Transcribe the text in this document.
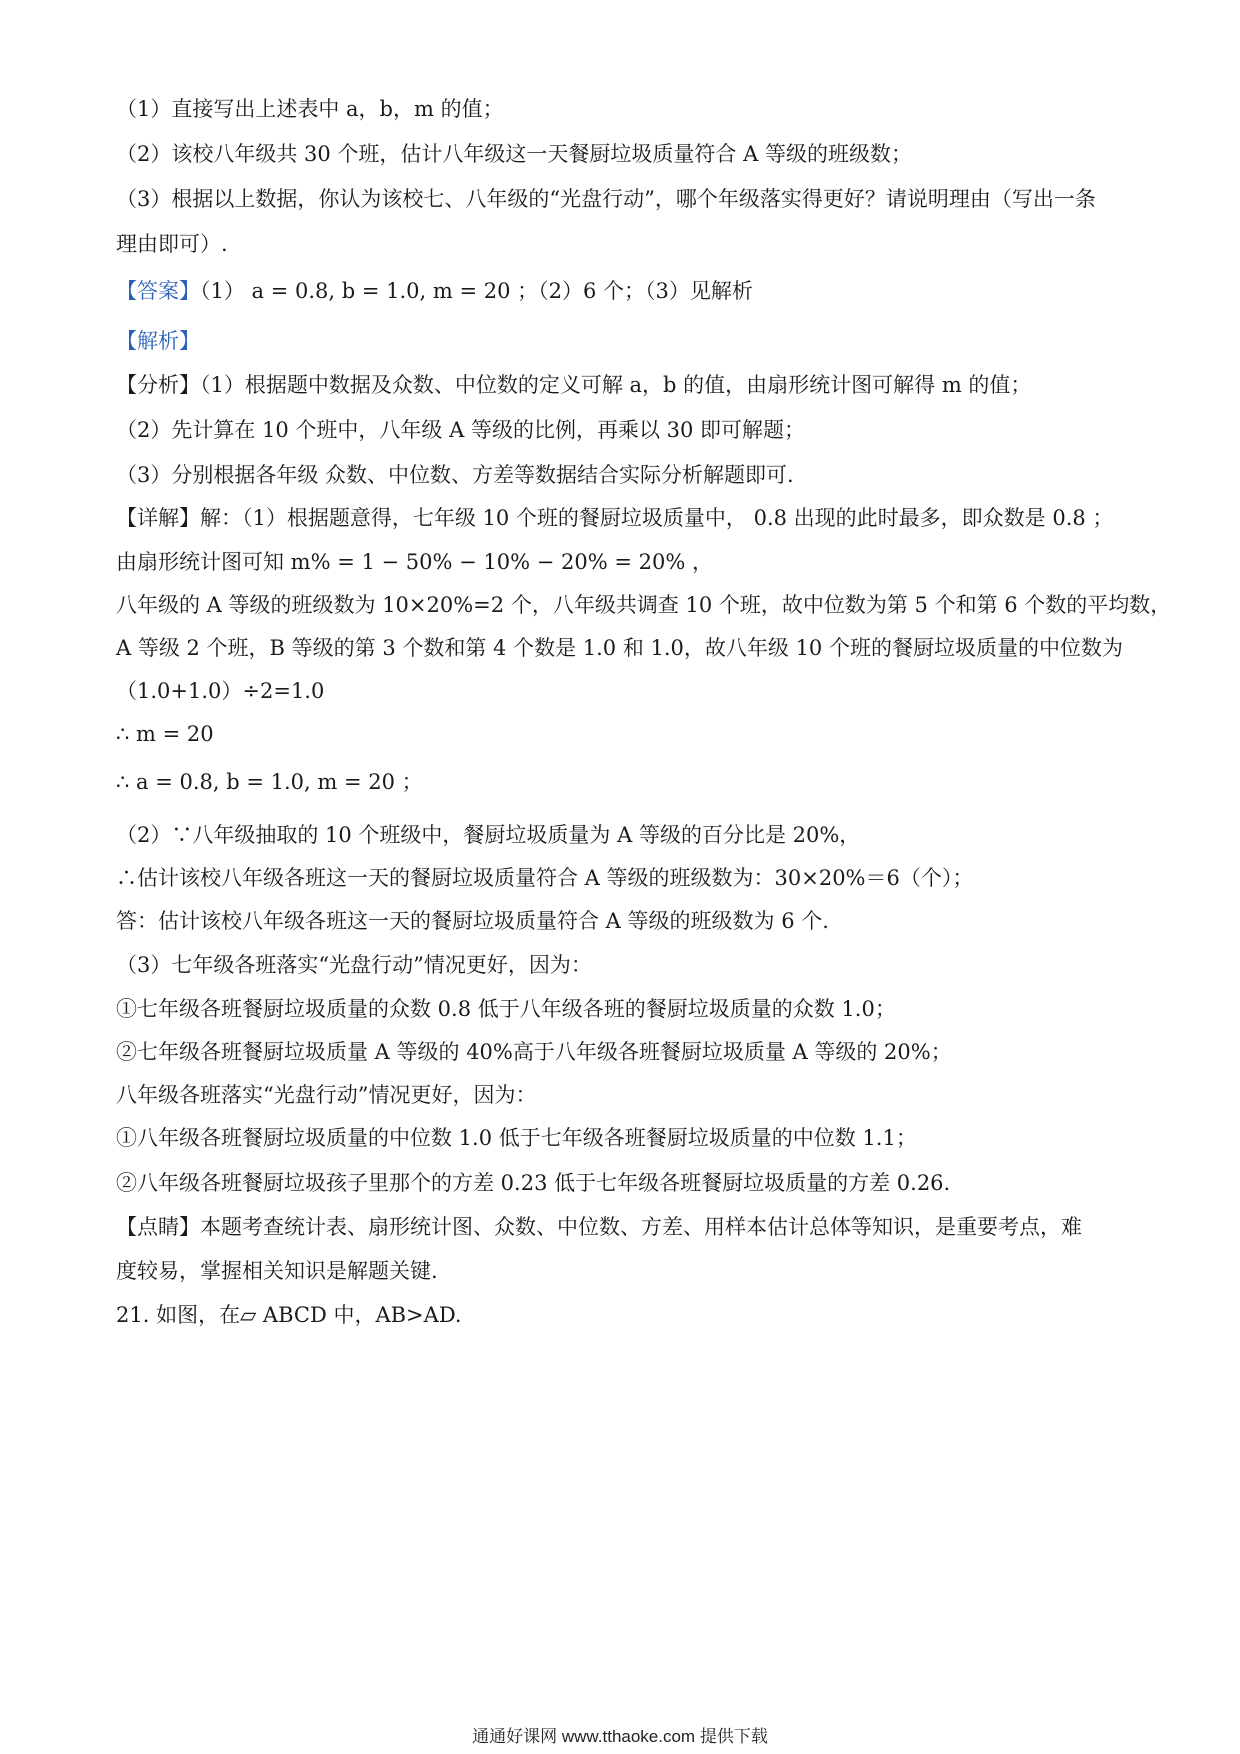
（1）直接写出上述表中 a，b，m 的值；
（2）该校八年级共 30 个班，估计八年级这一天餐厨垃圾质量符合 A 等级的班级数；
（3）根据以上数据，你认为该校七、八年级的“光盘行动”，哪个年级落实得更好？请说明理由（写出一条
理由即可）.
【答案】（1） a = 0.8, b = 1.0, m = 20 ；（2）6 个；（3）见解析
【解析】
【分析】（1）根据题中数据及众数、中位数的定义可解 a，b 的值，由扇形统计图可解得 m 的值；
（2）先计算在 10 个班中，八年级 A 等级的比例，再乘以 30 即可解题；
（3）分别根据各年级 众数、中位数、方差等数据结合实际分析解题即可.
【详解】解：（1）根据题意得，七年级 10 个班的餐厨垃圾质量中， 0.8 出现的此时最多，即众数是 0.8 ；
由扇形统计图可知 m% = 1 − 50% − 10% − 20% = 20% ，
八年级的 A 等级的班级数为 10×20%=2 个，八年级共调查 10 个班，故中位数为第 5 个和第 6 个数的平均数，
A 等级 2 个班，B 等级的第 3 个数和第 4 个数是 1.0 和 1.0，故八年级 10 个班的餐厨垃圾质量的中位数为
（1.0+1.0）÷2=1.0
∴ m = 20
∴ a = 0.8, b = 1.0, m = 20 ；
（2）∵八年级抽取的 10 个班级中，餐厨垃圾质量为 A 等级的百分比是 20%，
∴估计该校八年级各班这一天的餐厨垃圾质量符合 A 等级的班级数为：30×20%＝6（个）；
答：估计该校八年级各班这一天的餐厨垃圾质量符合 A 等级的班级数为 6 个.
（3）七年级各班落实“光盘行动”情况更好，因为：
①七年级各班餐厨垃圾质量的众数 0.8 低于八年级各班的餐厨垃圾质量的众数 1.0；
②七年级各班餐厨垃圾质量 A 等级的 40%高于八年级各班餐厨垃圾质量 A 等级的 20%；
八年级各班落实“光盘行动”情况更好，因为：
①八年级各班餐厨垃圾质量的中位数 1.0 低于七年级各班餐厨垃圾质量的中位数 1.1；
②八年级各班餐厨垃圾孩子里那个的方差 0.23 低于七年级各班餐厨垃圾质量的方差 0.26.
【点睛】本题考查统计表、扇形统计图、众数、中位数、方差、用样本估计总体等知识，是重要考点，难
度较易，掌握相关知识是解题关键.
21. 如图，在▱ ABCD 中，AB>AD.
通通好课网 www.tthaoke.com 提供下载
